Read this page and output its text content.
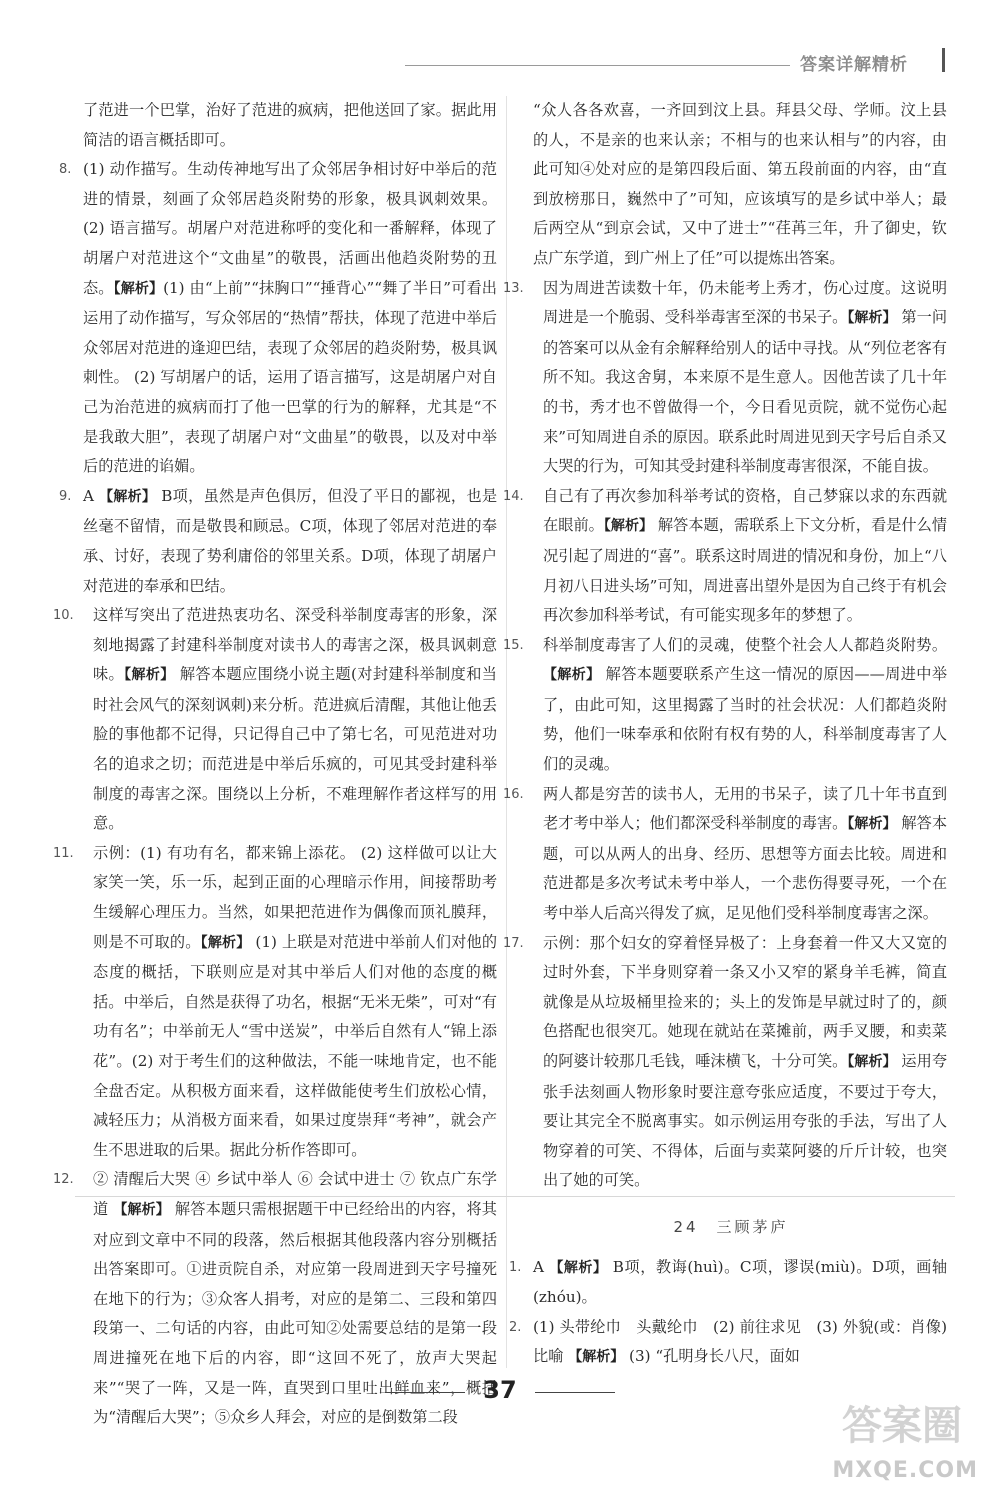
答案详解精析
了范进一个巴掌，治好了范进的疯病，把他送回了家。据此用简洁的语言概括即可。
8. (1) 动作描写。生动传神地写出了众邻居争相讨好中举后的范进的情景，刻画了众邻居趋炎附势的形象，极具讽刺效果。 (2) 语言描写。胡屠户对范进称呼的变化和一番解释，体现了胡屠户对范进这个“文曲星”的敬畏，活画出他趋炎附势的丑态。【解析】(1) 由“上前”“抹胸口”“捶背心”“舞了半日”可看出运用了动作描写，写众邻居的“热情”帮扶，体现了范进中举后众邻居对范进的逢迎巴结，表现了众邻居的趋炎附势，极具讽刺性。 (2) 写胡屠户的话，运用了语言描写，这是胡屠户对自己为治范进的疯病而打了他一巴掌的行为的解释，尤其是“不是我敢大胆”，表现了胡屠户对“文曲星”的敬畏，以及对中举后的范进的谄媚。
9. A 【解析】 B项，虽然是声色俱厉，但没了平日的鄙视，也是丝毫不留情，而是敬畏和顾忌。C项，体现了邻居对范进的奉承、讨好，表现了势利庸俗的邻里关系。D项，体现了胡屠户对范进的奉承和巴结。
10. 这样写突出了范进热衷功名、深受科举制度毒害的形象，深刻地揭露了封建科举制度对读书人的毒害之深，极具讽刺意味。【解析】 解答本题应围绕小说主题(对封建科举制度和当时社会风气的深刻讽刺)来分析。范进疯后清醒，其他让他丢脸的事他都不记得，只记得自己中了第七名，可见范进对功名的追求之切；而范进是中举后乐疯的，可见其受封建科举制度的毒害之深。围绕以上分析，不难理解作者这样写的用意。
11. 示例：(1) 有功有名，都来锦上添花。 (2) 这样做可以让大家笑一笑，乐一乐，起到正面的心理暗示作用，间接帮助考生缓解心理压力。当然，如果把范进作为偶像而顶礼膜拜，则是不可取的。【解析】 (1) 上联是对范进中举前人们对他的态度的概括，下联则应是对其中举后人们对他的态度的概括。中举后，自然是获得了功名，根据“无米无柴”，可对“有功有名”；中举前无人“雪中送炭”，中举后自然有人“锦上添花”。(2) 对于考生们的这种做法，不能一味地肯定，也不能全盘否定。从积极方面来看，这样做能使考生们放松心情，减轻压力；从消极方面来看，如果过度崇拜“考神”，就会产生不思进取的后果。据此分析作答即可。
12. ② 清醒后大哭 ④ 乡试中举人 ⑥ 会试中进士 ⑦ 钦点广东学道 【解析】 解答本题只需根据题干中已经给出的内容，将其对应到文章中不同的段落，然后根据其他段落内容分别概括出答案即可。①进贡院自杀，对应第一段周进到天字号撞死在地下的行为；③众客人捐考，对应的是第二、三段和第四段第一、二句话的内容，由此可知②处需要总结的是第一段周进撞死在地下后的内容，即“这回不死了，放声大哭起来”“哭了一阵，又是一阵，直哭到口里吐出鲜血来”，概括为“清醒后大哭”；⑤众乡人拜会，对应的是倒数第二段
“众人各各欢喜，一齐回到汶上县。拜县父母、学师。汶上县的人，不是亲的也来认亲；不相与的也来认相与”的内容，由此可知④处对应的是第四段后面、第五段前面的内容，由“直到放榜那日，巍然中了”可知，应该填写的是乡试中举人；最后两空从“到京会试，又中了进士”“荏苒三年，升了御史，钦点广东学道，到广州上了任”可以提炼出答案。
13. 因为周进苦读数十年，仍未能考上秀才，伤心过度。这说明周进是一个脆弱、受科举毒害至深的书呆子。【解析】 第一问的答案可以从金有余解释给别人的话中寻找。从“列位老客有所不知。我这舍舅，本来原不是生意人。因他苦读了几十年的书，秀才也不曾做得一个，今日看见贡院，就不觉伤心起来”可知周进自杀的原因。联系此时周进见到天字号后自杀又大哭的行为，可知其受封建科举制度毒害很深，不能自拔。
14. 自己有了再次参加科举考试的资格，自己梦寐以求的东西就在眼前。【解析】 解答本题，需联系上下文分析，看是什么情况引起了周进的“喜”。联系这时周进的情况和身份，加上“八月初八日进头场”可知，周进喜出望外是因为自己终于有机会再次参加科举考试，有可能实现多年的梦想了。
15. 科举制度毒害了人们的灵魂，使整个社会人人都趋炎附势。【解析】 解答本题要联系产生这一情况的原因——周进中举了，由此可知，这里揭露了当时的社会状况：人们都趋炎附势，他们一味奉承和依附有权有势的人，科举制度毒害了人们的灵魂。
16. 两人都是穷苦的读书人，无用的书呆子，读了几十年书直到老才考中举人；他们都深受科举制度的毒害。【解析】 解答本题，可以从两人的出身、经历、思想等方面去比较。周进和范进都是多次考试未考中举人，一个悲伤得要寻死，一个在考中举人后高兴得发了疯，足见他们受科举制度毒害之深。
17. 示例：那个妇女的穿着怪异极了：上身套着一件又大又宽的过时外套，下半身则穿着一条又小又窄的紧身羊毛裤，简直就像是从垃圾桶里捡来的；头上的发饰是早就过时了的，颜色搭配也很突兀。她现在就站在菜摊前，两手叉腰，和卖菜的阿婆计较那几毛钱，唾沫横飞，十分可笑。【解析】 运用夸张手法刻画人物形象时要注意夸张应适度，不要过于夸大，要让其完全不脱离事实。如示例运用夸张的手法，写出了人物穿着的可笑、不得体，后面与卖菜阿婆的斤斤计较，也突出了她的可笑。
24　三顾茅庐
1. A 【解析】 B项，教诲(huì)。C项，谬误(miù)。D项，画轴(zhóu)。
2. (1) 头带纶巾　头戴纶巾　(2) 前往求见　(3) 外貌(或：肖像)　比喻 【解析】 (3) “孔明身长八尺，面如
37
答案圈
MXQE.COM
